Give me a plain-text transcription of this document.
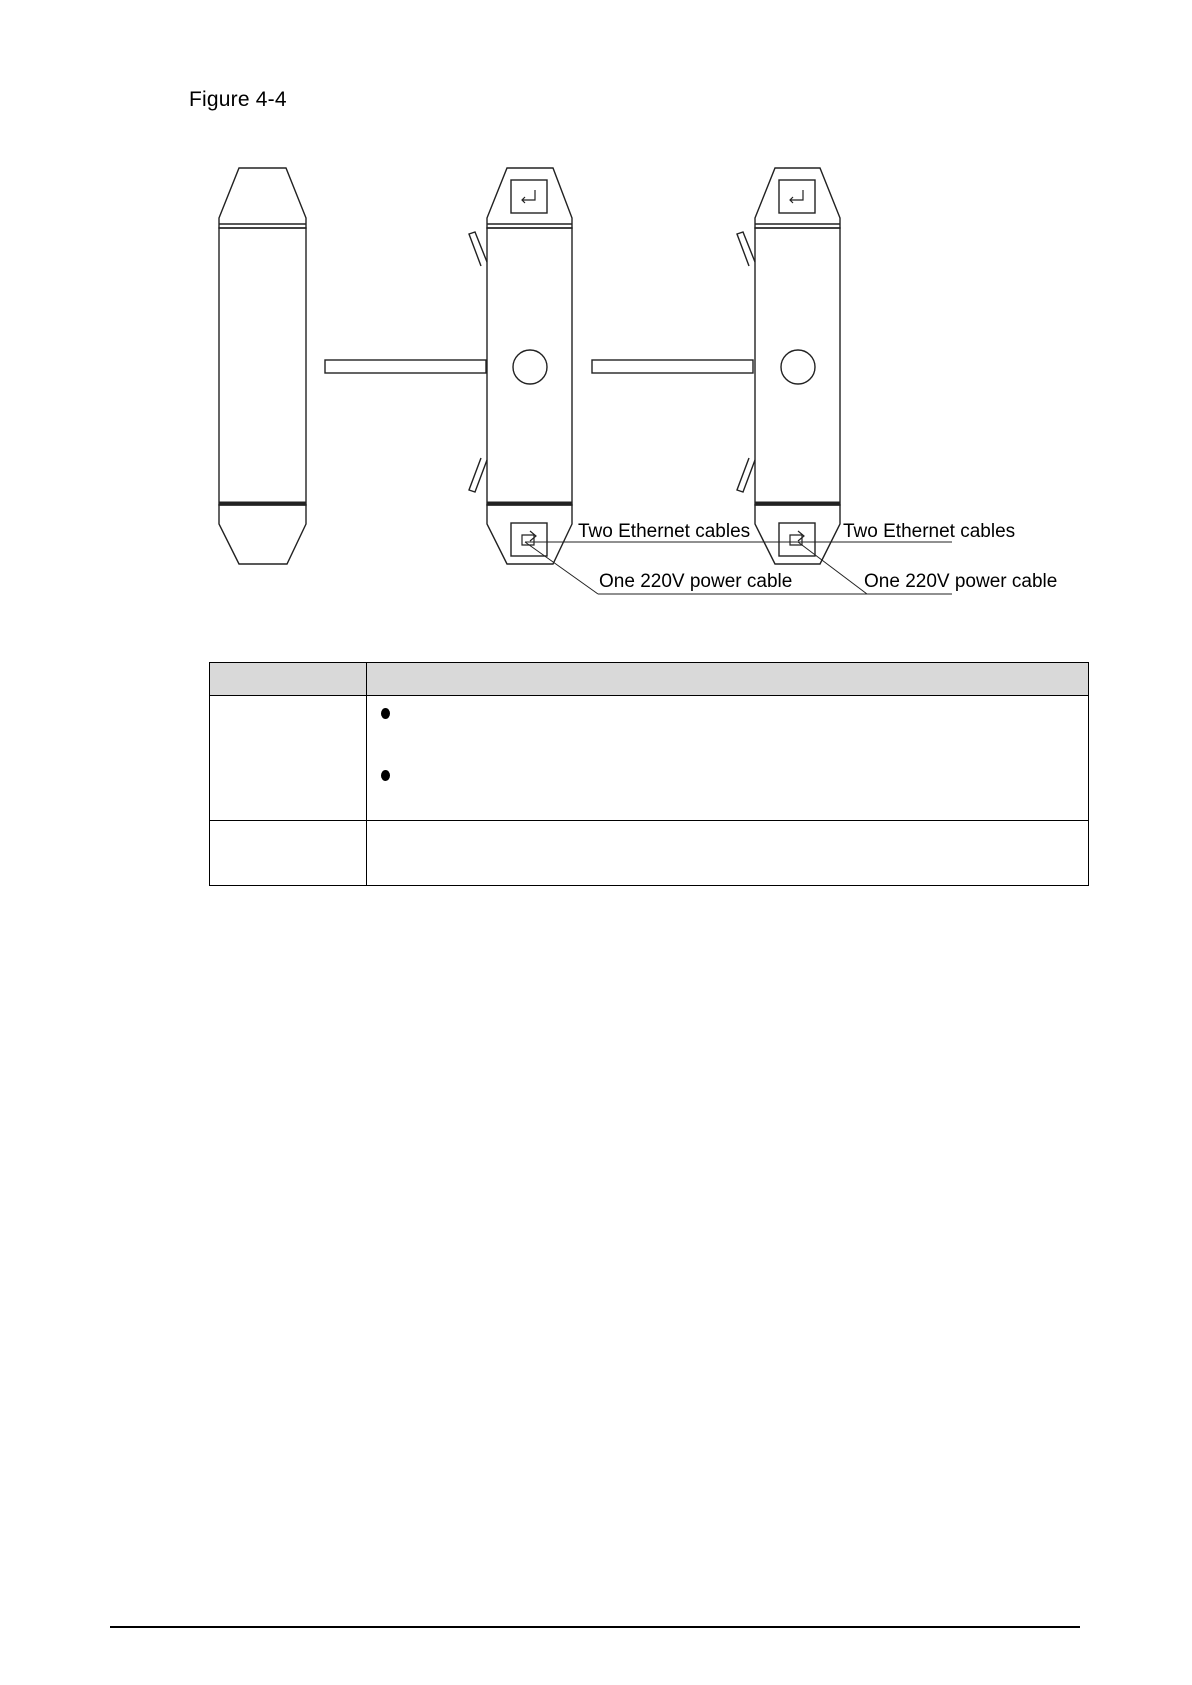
Figure 4-4
Two Ethernet cables	Two Ethernet cables
One 220V power cable	One 220V power cable
